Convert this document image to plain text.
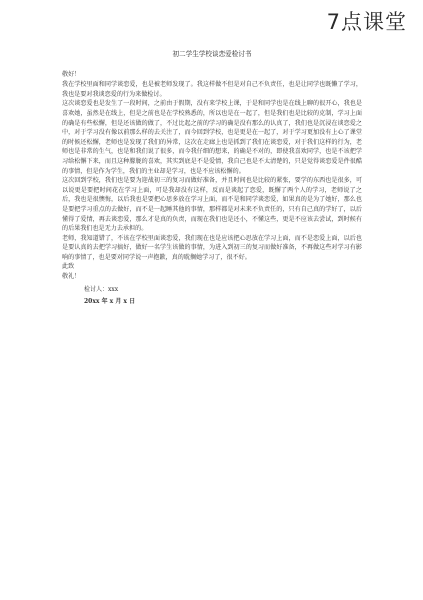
7点课堂
初二学生学校谈恋爱检讨书
敬好！

我在学校里面和同学谈恋爱，也是被老师发现了。我这样做不但是对自己不负责任，也是让同学也既懒了学习，我也是要对我谈恋爱的行为来做检讨。

这次谈恋爱也是发生了一段时间，之前由于假期，没有来学校上课，于是和同学也是在线上聊的很开心，我也是喜欢她，虽然是在线上，但是之前也是在学校熟悉的，所以也是在一起了，但是我们也是比较的克制，学习上面的确是有些松懈，但是还该做的做了，不过比起之前的学习的确是没有那么的认真了，我们也是沉浸在谈恋爱之中，对于学习没有像以前那么样的去关注了，而今回到学校，也是更是在一起了，对于学习更加没有上心了课堂的时候还松懈，老师也是发现了我们的异常，这次在走廊上也是抓到了我们在谈恋爱，对于我们这样的行为，老师也是非常的生气，也是和我们说了很多，而今我仔细的想来，的确是不对的，即使我喜欢同学，也是不该把学习给松懈下来，而且这种朦胧的喜欢，其实到底是不是爱情，我自己也是不太清楚的，只是觉得谈恋爱是件很酷的事情，但是作为学生，我们的主业却是学习，也是不应该松懈的。

这次回到学校，我们也是要为迎战初三的复习而做好准备，并且时间也是比较的紧张，要学的东西也是很多，可以说更是要把时间花在学习上面，可是我却没有这样，反而是谈起了恋爱，既懈了两个人的学习，老师说了之后，我也是很懊悔，以后我也是要把心思多放在学习上面，而不是和同学谈恋爱，如果真的是为了她好，那么也是要把学习重点的去做好，而不是一起睡其他的事情，那样都是对未来不负责任的，只有自己真的学好了，以后懂得了爱情，再去谈恋爱，那么才是真的负责，而现在我们也是还小，不懂这些，更是不应该去尝试，到时候有的后果我们也是无力去承担的。

老师，我知道错了，不该在学校里面谈恋爱，我们现在也是应该把心思放在学习上面，而不是恋爱上面，以后也是要认真的去把学习搞好，做好一名学生该做的事情，为进入到初三的复习而做好准备，不再做这些对学习有影响的事情了，也是要对同学说一声抱歉，真的耽搁她学习了，很不好。

此致
敬礼！
检讨人：xxx
20xx 年 x 月 x 日
